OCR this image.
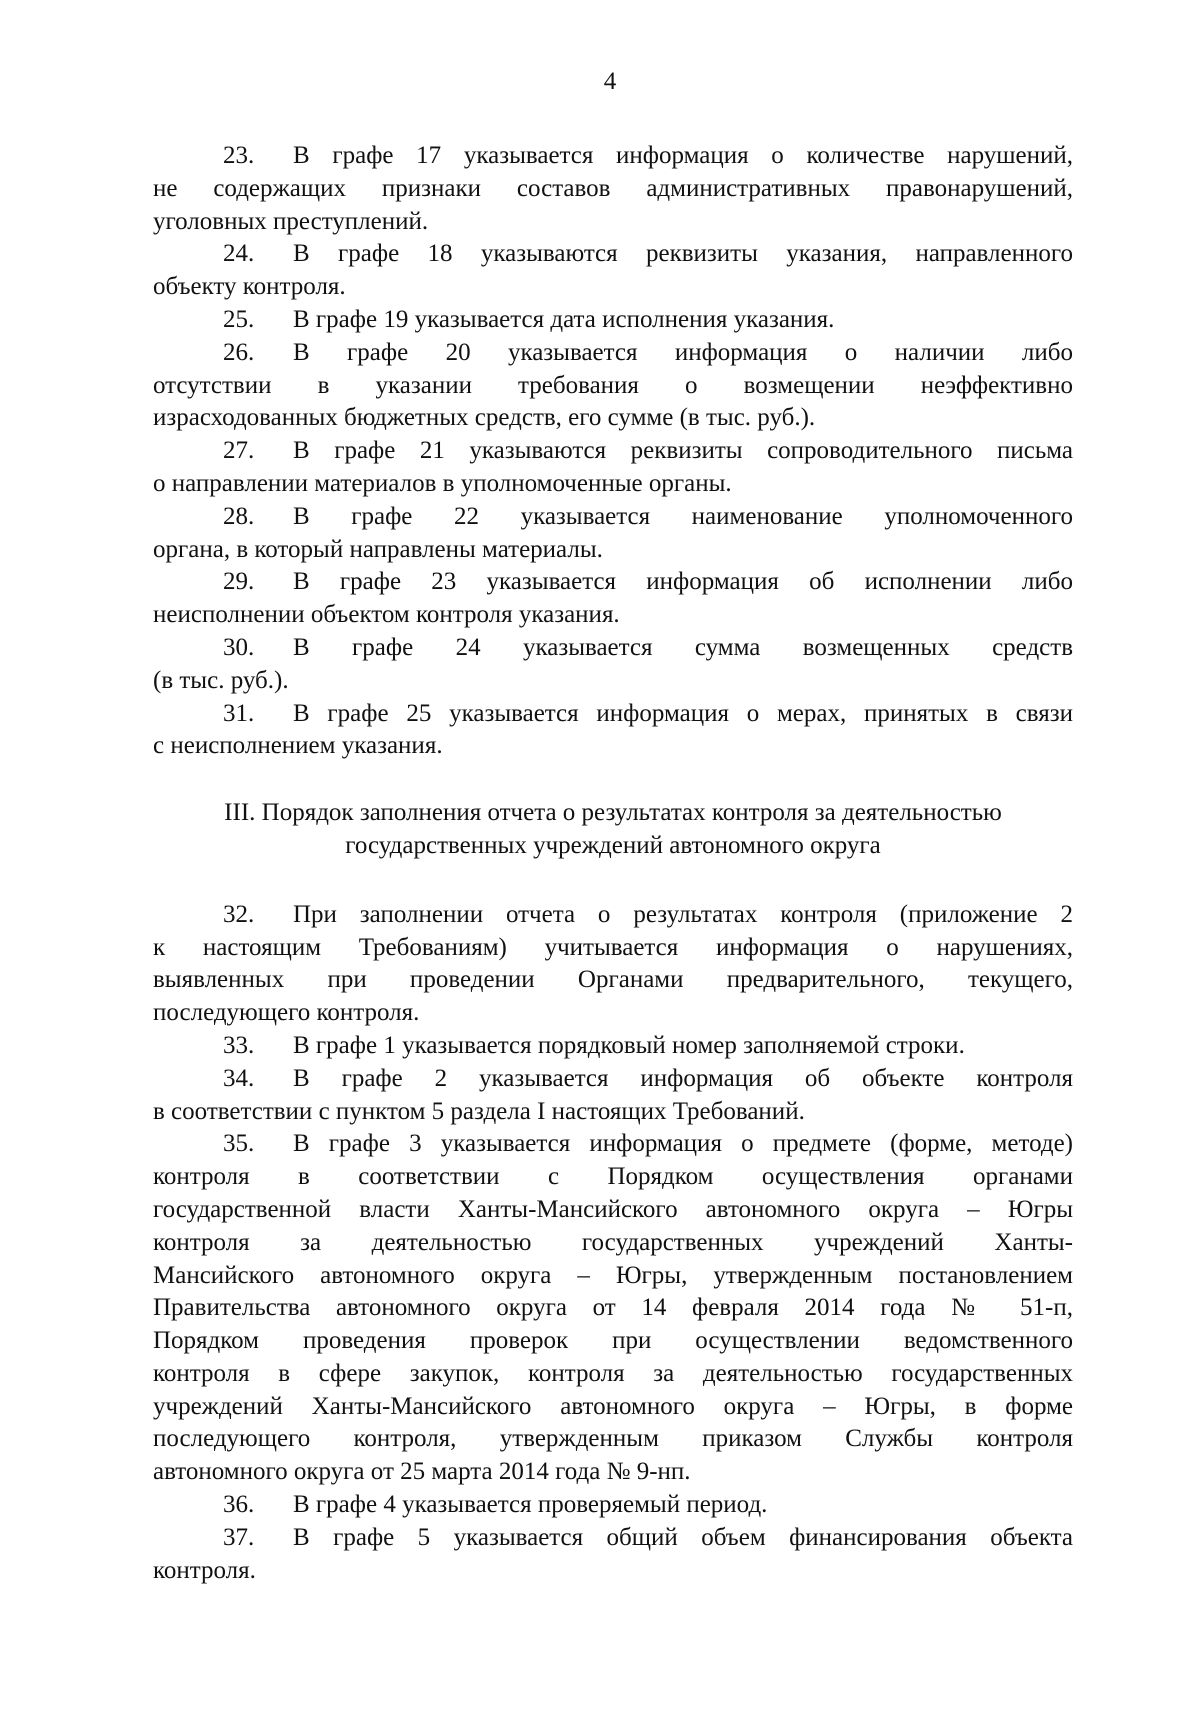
4
23. В графе 17 указывается информация о количестве нарушений,
не содержащих признаки составов административных правонарушений,
уголовных преступлений.
24. В графе 18 указываются реквизиты указания, направленного
объекту контроля.
25. В графе 19 указывается дата исполнения указания.
26. В графе 20 указывается информация о наличии либо
отсутствии в указании требования о возмещении неэффективно
израсходованных бюджетных средств, его сумме (в тыс. руб.).
27. В графе 21 указываются реквизиты сопроводительного письма
о направлении материалов в уполномоченные органы.
28. В графе 22 указывается наименование уполномоченного
органа, в который направлены материалы.
29. В графе 23 указывается информация об исполнении либо
неисполнении объектом контроля указания.
30. В графе 24 указывается сумма возмещенных средств
(в тыс. руб.).
31. В графе 25 указывается информация о мерах, принятых в связи
с неисполнением указания.
III. Порядок заполнения отчета о результатах контроля за деятельностью
государственных учреждений автономного округа
32. При заполнении отчета о результатах контроля (приложение 2
к настоящим Требованиям) учитывается информация о нарушениях,
выявленных при проведении Органами предварительного, текущего,
последующего контроля.
33. В графе 1 указывается порядковый номер заполняемой строки.
34. В графе 2 указывается информация об объекте контроля
в соответствии с пунктом 5 раздела I настоящих Требований.
35. В графе 3 указывается информация о предмете (форме, методе)
контроля в соответствии с Порядком осуществления органами
государственной власти Ханты-Мансийского автономного округа – Югры
контроля за деятельностью государственных учреждений Ханты-
Мансийского автономного округа – Югры, утвержденным постановлением
Правительства автономного округа от 14 февраля 2014 года № 51-п,
Порядком проведения проверок при осуществлении ведомственного
контроля в сфере закупок, контроля за деятельностью государственных
учреждений Ханты-Мансийского автономного округа – Югры, в форме
последующего контроля, утвержденным приказом Службы контроля
автономного округа от 25 марта 2014 года № 9-нп.
36. В графе 4 указывается проверяемый период.
37. В графе 5 указывается общий объем финансирования объекта
контроля.
